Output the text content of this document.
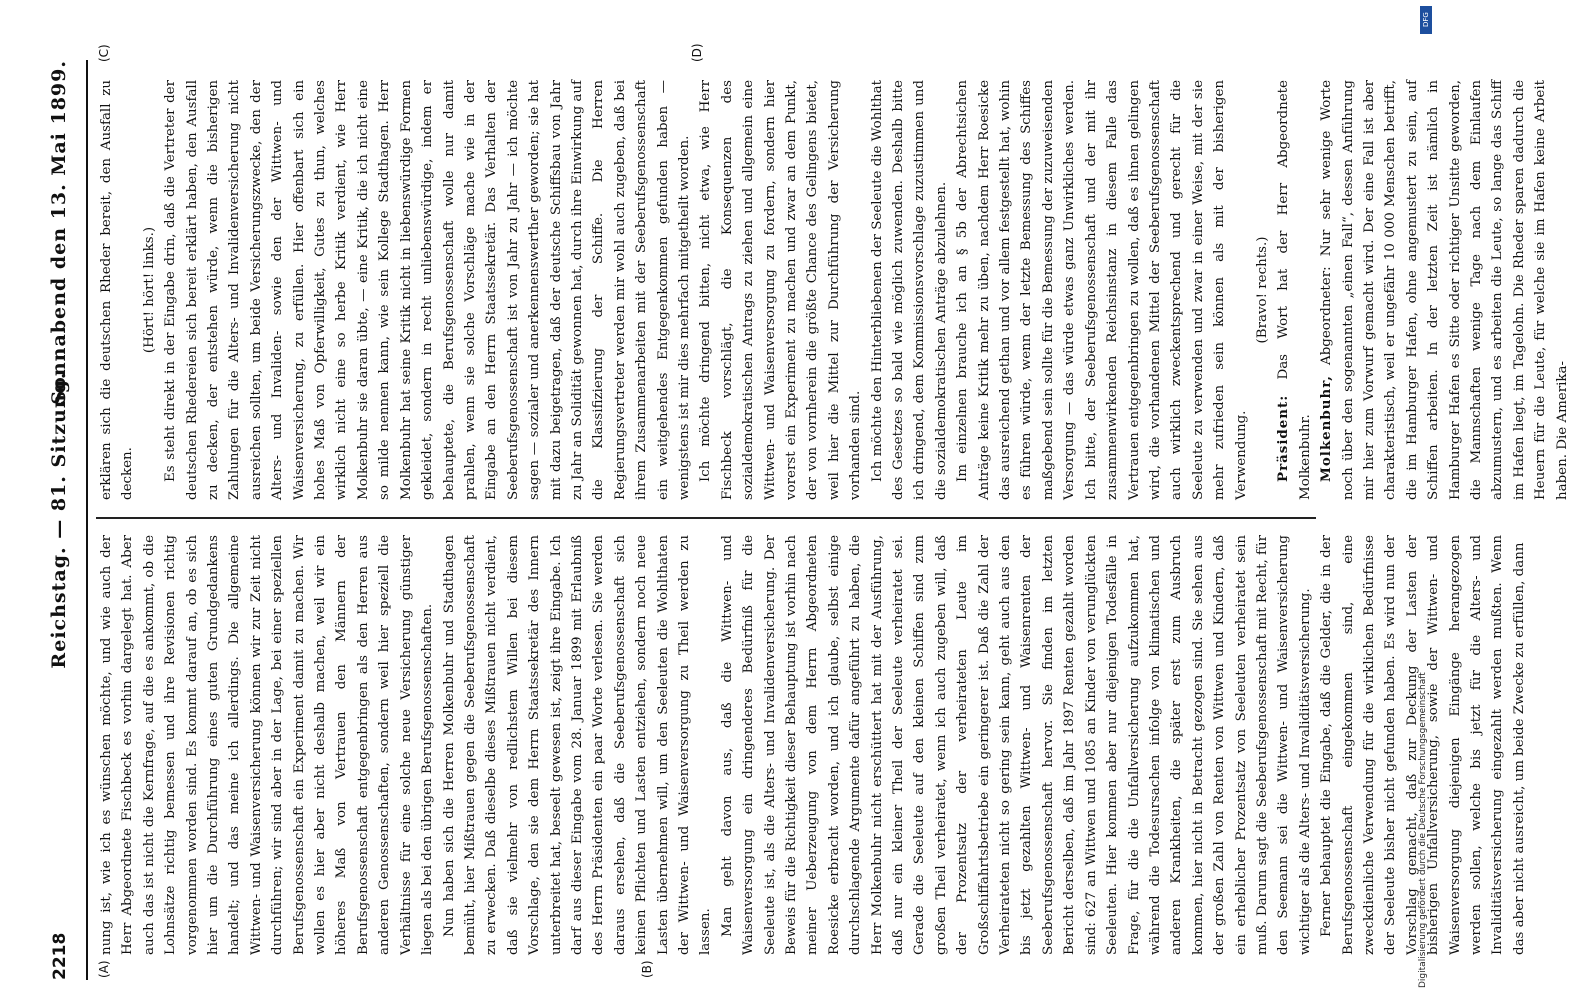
2218
Reichstag. — 81. Sitzung.
Sonnabend den 13. Mai 1899.
(A)	(B)
(C)	(D)

nung ist, wie ich es wünschen möchte, und wie auch der Herr Abgeordnete Fischbeck es vorhin dargelegt hat. Aber auch das ist nicht die Kernfrage, auf die es ankommt, ob die Lohnsätze richtig bemessen und ihre Revisionen richtig vorgenommen worden sind. Es kommt darauf an, ob es sich hier um die Durchführung eines guten Grundgedankens handelt; und das meine ich allerdings. Die allgemeine Wittwen- und Waisenversicherung können wir zur Zeit nicht durchführen; wir sind aber in der Lage, bei einer speziellen Berufsgenossenschaft ein Experiment damit zu machen. Wir wollen es hier aber nicht deshalb machen, weil wir ein höheres Maß von Vertrauen den Männern der Berufsgenossenschaft entgegenbringen als den Herren aus anderen Genossenschaften, sondern weil hier speziell die Verhältnisse für eine solche neue Versicherung günstiger liegen als bei den übrigen Berufsgenossenschaften. Nun haben sich die Herren Molkenbuhr und Stadthagen bemüht, hier Mißtrauen gegen die Seeberufsgenossenschaft zu erwecken. Daß dieselbe dieses Mißtrauen nicht verdient, daß sie vielmehr von redlichstem Willen bei diesem Vorschlage, den sie dem Herrn Staatssekretär des Innern unterbreitet hat, beseelt gewesen ist, zeigt ihre Eingabe. Ich darf aus dieser Eingabe vom 28. Januar 1899 mit Erlaubniß des Herrn Präsidenten ein paar Worte verlesen. Sie werden daraus ersehen, daß die Seeberufsgenossenschaft sich keinen Pflichten und Lasten entziehen, sondern noch neue Lasten übernehmen will, um den Seeleuten die Wohlthaten der Wittwen- und Waisenversorgung zu Theil werden zu lassen. Man geht davon aus, daß die Wittwen- und Waisenversorgung ein dringenderes Bedürfniß für die Seeleute ist, als die Alters- und Invalidenversicherung. Der Beweis für die Richtigkeit dieser Behauptung ist vorhin nach meiner Ueberzeugung von dem Herrn Abgeordneten Roesicke erbracht worden, und ich glaube, selbst einige durchschlagende Argumente dafür angeführt zu haben, die Herr Molkenbuhr nicht erschüttert hat mit der Ausführung, daß nur ein kleiner Theil der Seeleute verheiratet sei. Gerade die Seeleute auf den kleinen Schiffen sind zum großen Theil verheiratet, wenn ich auch zugeben will, daß der Prozentsatz der verheirateten Leute im Großschiffahrtsbetriebe ein geringerer ist. Daß die Zahl der Verheirateten nicht so gering sein kann, geht auch aus den bis jetzt gezahlten Wittwen- und Waisenrenten der Seeberufsgenossenschaft hervor. Sie finden im letzten Bericht derselben, daß im Jahr 1897 Renten gezahlt worden sind: 627 an Wittwen und 1085 an Kinder von verunglückten Seeleuten. Hier kommen aber nur diejenigen Todesfälle in Frage, für die die Unfallversicherung aufzukommen hat, während die Todesursachen infolge von klimatischen und anderen Krankheiten, die später erst zum Ausbruch kommen, hier nicht in Betracht gezogen sind. Sie sehen aus der großen Zahl von Renten von Wittwen und Kindern, daß ein erheblicher Prozentsatz von Seeleuten verheiratet sein muß. Darum sagt die Seeberufsgenossenschaft mit Recht, für den Seemann sei die Wittwen- und Waisenversicherung wichtiger als die Alters- und Invaliditätsversicherung. Ferner behauptet die Eingabe, daß die Gelder, die in der Berufsgenossenschaft eingekommen sind, eine zweckdienliche Verwendung für die wirklichen Bedürfnisse der Seeleute bisher nicht gefunden haben. Es wird nun der Vorschlag gemacht, daß zur Deckung der Lasten der bisherigen Unfallversicherung, sowie der Wittwen- und Waisenversorgung diejenigen Eingänge herangezogen werden sollen, welche bis jetzt für die Alters- und Invaliditätsversicherung eingezahlt werden mußten. Wenn das aber nicht ausreicht, um beide Zwecke zu erfüllen, dann

erklären sich die deutschen Rheder bereit, den Ausfall zu decken.

(Hört! hört! links.) Es steht direkt in der Eingabe drin, daß die Vertreter der deutschen Rhedereien sich bereit erklärt haben, den Ausfall zu decken, der entstehen würde, wenn die bisherigen Zahlungen für die Alters- und Invalidenversicherung nicht ausreichen sollten, um beide Versicherungszwecke, den der Alters- und Invaliden- sowie den der Wittwen- und Waisenversicherung, zu erfüllen. Hier offenbart sich ein hohes Maß von Opferwilligkeit, Gutes zu thun, welches wirklich nicht eine so herbe Kritik verdient, wie Herr Molkenbuhr sie daran übte, — eine Kritik, die ich nicht eine so milde nennen kann, wie sein Kollege Stadthagen. Herr Molkenbuhr hat seine Kritik nicht in liebenswürdige Formen gekleidet, sondern in recht unliebenswürdige, indem er behauptete, die Berufsgenossenschaft wolle nur damit prahlen, wenn sie solche Vorschläge mache wie in der Eingabe an den Herrn Staatssekretär. Das Verhalten der Seeberufsgenossenschaft ist von Jahr zu Jahr — ich möchte sagen — sozialer und anerkennenswerther geworden; sie hat mit dazu beigetragen, daß der deutsche Schiffsbau von Jahr zu Jahr an Solidität gewonnen hat, durch ihre Einwirkung auf die Klassifizierung der Schiffe. Die Herren Regierungsvertreter werden mir wohl auch zugeben, daß bei ihrem Zusammenarbeiten mit der Seeberufsgenossenschaft ein weitgehendes Entgegenkommen gefunden haben — wenigstens ist mir dies mehrfach mitgetheilt worden. Ich möchte dringend bitten, nicht etwa, wie Herr Fischbeck vorschlägt, die Konsequenzen des sozialdemokratischen Antrags zu ziehen und allgemein eine Wittwen- und Waisenversorgung zu fordern, sondern hier vorerst ein Experiment zu machen und zwar an dem Punkt, der von vornherein die größte Chance des Gelingens bietet, weil hier die Mittel zur Durchführung der Versicherung vorhanden sind. Ich möchte den Hinterbliebenen der Seeleute die Wohlthat des Gesetzes so bald wie möglich zuwenden. Deshalb bitte ich dringend, dem Kommissionsvorschlage zuzustimmen und die sozialdemokratischen Anträge abzulehnen. Im einzelnen brauche ich an § 5b der Abrechtsichen Anträge keine Kritik mehr zu üben, nachdem Herr Roesicke das ausreichend gethan und vor allem festgestellt hat, wohin es führen würde, wenn der letzte Bemessung des Schiffes maßgebend sein sollte für die Bemessung der zuzuweisenden Versorgung — das würde etwas ganz Unwirkliches werden. Ich bitte, der Seeberufsgenossenschaft und der mit ihr zusammenwirkenden Reichsinstanz in diesem Falle das Vertrauen entgegenbringen zu wollen, daß es ihnen gelingen wird, die vorhandenen Mittel der Seeberufsgenossenschaft auch wirklich zweckentsprechend und gerecht für die Seeleute zu verwenden und zwar in einer Weise, mit der sie mehr zufrieden sein können als mit der bisherigen Verwendung.

(Bravo! rechts.)

Präsident: Das Wort hat der Herr Abgeordnete Molkenbuhr. Molkenbuhr, Abgeordneter: Nur sehr wenige Worte noch über den sogenannten „einen Fall“, dessen Anführung mir hier zum Vorwurf gemacht wird. Der eine Fall ist aber charakteristisch, weil er ungefähr 10 000 Menschen betrifft, die im Hamburger Hafen, ohne angemustert zu sein, auf Schiffen arbeiten. In der letzten Zeit ist nämlich in Hamburger Hafen es Sitte oder richtiger Unsitte geworden, die Mannschaften wenige Tage nach dem Einlaufen abzumustern, und es arbeiten die Leute, so lange das Schiff im Hafen liegt, im Tagelohn. Die Rheder sparen dadurch die Heuern für die Leute, für welche sie im Hafen keine Arbeit haben. Die Amerika-

DFG
Digitalisierung gefördert durch die Deutsche Forschungsgemeinschaft
